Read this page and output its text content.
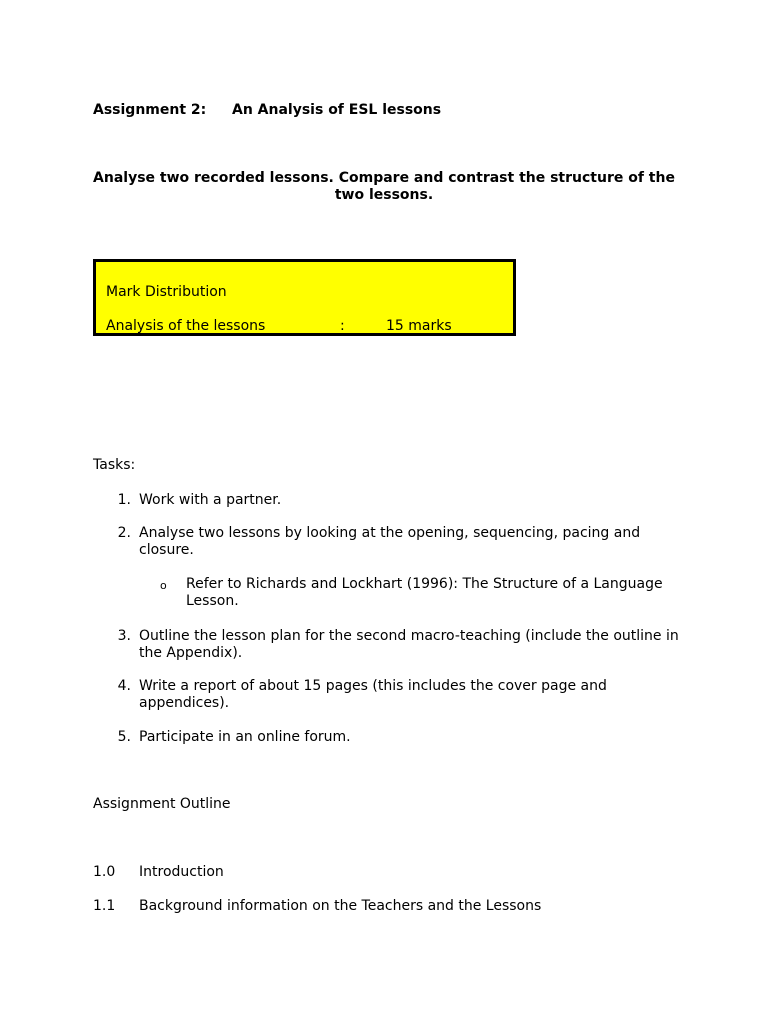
Assignment 2: An Analysis of ESL lessons
Analyse two recorded lessons. Compare and contrast the structure of the two lessons.
Mark Distribution
Analysis of the lessons	:	15 marks
Tasks:
1. Work with a partner.
2. Analyse two lessons by looking at the opening, sequencing, pacing and closure.
o Refer to Richards and Lockhart (1996): The Structure of a Language Lesson.
3. Outline the lesson plan for the second macro-teaching (include the outline in the Appendix).
4. Write a report of about 15 pages (this includes the cover page and appendices).
5. Participate in an online forum.
Assignment Outline
1.0 Introduction
1.1 Background information on the Teachers and the Lessons
